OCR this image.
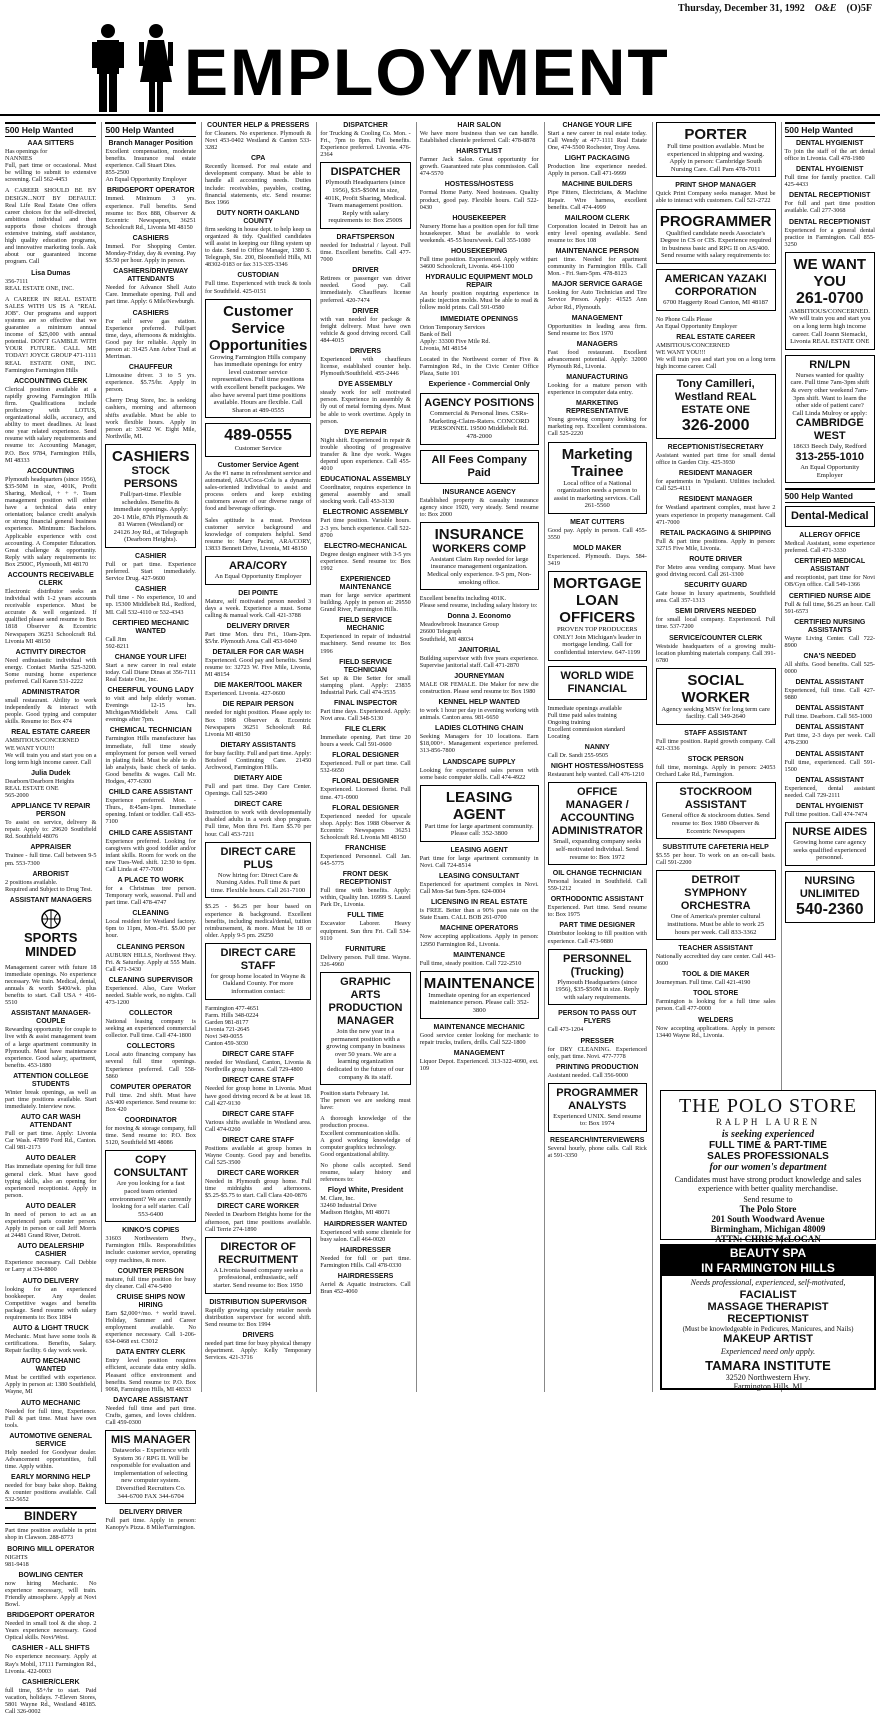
Thursday, December 31, 1992 O&E (O)5F
EMPLOYMENT
500 Help Wanted
AAA SITTERS
Has openings for
NANNIES
Full, part time or occasional. Must be willing to submit to extensive screening. Call 562-4453
A CAREER SHOULD BE BY DESIGN...NOT BY DEFAULT. Real Life Real Estate One offers career choices for the self-directed, ambitious individual and then supports those choices through extensive training, staff assistance, high quality education programs, and innovative marketing tools. Ask about our guaranteed income program. Call
Lisa Dumas
356-7111
REAL ESTATE ONE, INC.
A CAREER IN REAL ESTATE SALES WITH US IS A "REAL JOB". Our programs and support systems are so effective that we guarantee a minimum annual income of $25,000 with annual potential. DON'T GAMBLE WITH YOUR FUTURE. CALL ME TODAY! JOYCE GROUP 471-1111 REAL ESTATE ONE, INC. Farmington Farmington Hills
ACCOUNTING CLERK
Clerical position available at a rapidly growing Farmington Hills firm. Qualifications include proficiency with LOTUS, organizational skills, accuracy, and ability to meet deadlines. At least one year related experience. Send resume with salary requirements and resume to: Accounting Manager, P.O. Box 9784, Farmington Hills, MI 48333
ACCOUNTING
Plymouth headquarters (since 1956), $35-50M in size, 401K, Profit Sharing, Medical, + + +. Team management position will either have a technical data entry orientation; balance credit analysis or strong financial general business experience. Minimum: Bachelors. Applicable experience with cost accounting. A Computer Education. Great challenge & opportunity. Reply with salary requirements to: Box 2500C, Plymouth, MI 48170
ACCOUNTS RECEIVABLE CLERK
Electronic distributor seeks an individual with 1-2 years accounts receivable experience. Must be accurate & well organized. If qualified please send resume to Box 1818 Observer & Eccentric Newspapers 36251 Schoolcraft Rd. Livonia MI 48150
ACTIVITY DIRECTOR
Need enthusiastic individual with energy. Contact Martha 525-3200. Some nursing home experience preferred. Call Karen 531-2222
ADMINISTRATOR
small restaurant. Ability to work independently & interact with people. Good typing and computer skills. Resume to: Box 474
REAL ESTATE CAREER
AMBITIOUS/CONCERNED
WE WANT YOU!!!
We will train you and start you on a long term high income career. Call
Julia Dudek
Dearborn/Dearborn Heights
REAL ESTATE ONE
565-2000
APPLIANCE TV REPAIR PERSON
To assist on service, delivery & repair. Apply to: 29620 Southfield Rd. Southfield 48076
APPRAISER
Trainee - full time. Call between 9-5 pm. 553-7300
ARBORIST
2 positions available.
Required and Subject to Drug Test.
ASSISTANT MANAGERS
SPORTS MINDED
Management career with future 18 immediate openings. No experience necessary. We train. Medical, dental, annuals & worth $400/wk. plus benefits to start. Call USA + 416-5510
ASSISTANT MANAGER-COUPLE
Rewarding opportunity for couple to live with & assist management team of a large apartment community in Plymouth. Must have maintenance experience. Good salary, apartment, benefits. 453-1880
ATTENTION COLLEGE STUDENTS
Winter break openings, as well as part time positions available. Start immediately. Interview now.
AUTO CAR WASH ATTENDANT
Full or part time. Apply: Livonia Car Wash. 47899 Ford Rd., Canton. Call 981-2173
AUTO DEALER
Has immediate opening for full time general clerk. Must have good typing skills, also an opening for experienced receptionist. Apply in person.
AUTO DEALER
In need of person to act as an experienced parts counter person. Apply in person or call Jeff Morris at 24481 Grand River, Detroit.
AUTO DEALERSHIP CASHIER
Experience necessary. Call Debbie or Larry at 334-8800
AUTO DELIVERY
looking for an experienced bookkeeper. Any dealer. Competitive wages and benefits package. Send resume with salary requirements to: Box 1884
AUTO & LIGHT TRUCK
Mechanic. Must have some tools & certifications. Benefits, Salary. Repair facility. 6 day work week.
AUTO MECHANIC WANTED
Must be certified with experience. Apply in person at: 1380 Southfield, Wayne, MI
AUTO MECHANIC
Needed for full time, Experience. Full & part time. Must have own tools.
AUTOMOTIVE GENERAL SERVICE
Help needed for Goodyear dealer. Advancement opportunities, full time. Apply within.
EARLY MORNING HELP
needed for busy bake shop. Baking & counter positions available. Call 532-5652
BINDERY
Part time position available in print shop in Clawson. 288-8773
BORING MILL OPERATOR
NIGHTS
981-9418
BOWLING CENTER
now hiring Mechanic. No experience necessary, will train. Friendly atmosphere. Apply at Novi Bowl.
BRIDGEPORT OPERATOR
Needed in small tool & die shop. 2 Years experience necessary. Good Optical skills. Novi/West.
CASHIER - ALL SHIFTS
No experience necessary. Apply at Ray's Mobil, 17111 Farmington Rd., Livonia. 422-0003
CASHIER/CLERK
full time, $5+/hr to start. Paid vacation, holidays. 7-Eleven Stores, 5801 Wayne Rd., Westland 48185. Call 326-0002
500 Help Wanted
Branch Manager Position
Excellent compensation, moderate benefits. Insurance real estate experience. Call Stuart Dies.
855-2500
An Equal Opportunity Employer
BRIDGEPORT OPERATOR
Immed. Minimum 3 yrs. experience. Full benefits. Send resume to: Box 888, Observer & Eccentric Newspapers, 36251 Schoolcraft Rd., Livonia MI 48150
CASHIERS
Immed. For Shopping Center. Monday-Friday, day & evening. Pay $5.50 per hour. Apply in person.
CASHIERS/DRIVEWAY ATTENDANTS
Needed for Advance Shell Auto Care. Immediate opening. Full and part time. Apply: 6 Mile/Newburgh.
CASHIERS
For self serve gas station. Experience preferred. Full/part time, days, afternoons & midnights. Good pay for reliable. Apply in person at: 31425 Ann Arbor Trail at Merriman.
CHAUFFEUR
Limousine driver. 3 to 5 yrs. experience. $5.75/hr. Apply in person.
Cherry Drug Store, Inc. is seeking cashiers, morning and afternoon shifts available. Must be able to work flexible hours. Apply in person at: 33402 W. Eight Mile, Northville, MI.
CASHIERS
STOCK PERSONS
Full/part-time. Flexible schedules. Benefits & immediate openings. Apply: 20-1 Mile, 87th Plymouth & 81 Warren (Westland) or 24126 Joy Rd., at Telegraph (Dearborn Heights).
CASHIER
Full or part time. Experience preferred. Start immediately. Service Drug. 427-9600
CASHIER
Full time - No experience, 10 and up. 15300 Middlebelt Rd., Redford, MI. Call 532-4110 or 532-4343
CERTIFIED MECHANIC WANTED
Call Jim
592-8211
CHANGE YOUR LIFE!
Start a new career in real estate today. Call Diane Dinas at 356-7111 Real Estate One, Inc.
CHEERFUL YOUNG LADY
to visit and help elderly woman. Evenings 12-15 hrs. Michigan/Middlebelt Area. Call evenings after 7pm.
CHEMICAL TECHNICIAN
Farmington Hills manufacturer has immediate, full time steady employment for person well versed in plating field. Must be able to do lab analysis, basic check of tanks. Good benefits & wages. Call Mr. Hodges, 477-6300
CHILD CARE ASSISTANT
Experience preferred. Mon. - Thurs., 8:45am-1pm. Immediate opening. Infant or toddler. Call 453-7100
CHILD CARE ASSISTANT
Experience preferred. Looking for caregivers with good toddler and/or infant skills. Room for work on the new Tues-Wed. shift. 12:30 to 6pm. Call Linda at 477-7000
A PLACE TO WORK
for a Christmas tree person. Temporary work, seasonal. Full and part time. Call 478-4747
CLEANING
Local resident for Westland factory. 6pm to 11pm, Mon.-Fri. $5.00 per hour.
CLEANING PERSON
AUBURN HILLS, Northwest Hwy. Fri. & Saturday. Apply at 555 Main. Call 471-3430
CLEANING SUPERVISOR
Experienced. Also, Care Worker needed. Stable work, no nights. Call 473-1200
COLLECTOR
National leasing company is seeking an experienced commercial collector. Full time. Call 474-1800
COLLECTORS
Local auto financing company has several full time openings. Experience preferred. Call 558-5860
COMPUTER OPERATOR
Full time. 2nd shift. Must have AS/400 experience. Send resume to: Box 420
COORDINATOR
for moving & storage company, full time. Send resume to: P.O. Box 5120, Southfield MI 48086
COPY CONSULTANT
Are you looking for a fast paced team oriented environment? We are currently looking for a self starter. Call 553-6400
KINKO'S COPIES
31603 Northwestern Hwy., Farmington Hills. Responsibilities include: customer service, operating copy machines, & more.
COUNTER PERSON
mature, full time position for busy dry cleaner. Call 474-5490
CRUISE SHIPS NOW HIRING
Earn $2,000+/mo. + world travel. Holiday, Summer and Career employment available. No experience necessary. Call 1-206-634-0468 ext. C3012
DATA ENTRY CLERK
Entry level position requires efficient, accurate data entry skills. Pleasant office environment and benefits. Send resume to: P.O. Box 9068, Farmington Hills, MI 48333
DAYCARE ASSISTANT
Needed full time and part time. Crafts, games, and loves children. Call 459-0300
MIS MANAGER
Dataworks - Experience with System 36 / RPG II. Will be responsible for evaluation and implementation of selecting new computer system. Diversified Recruiters Co. 344-6700 FAX 344-6704
DELIVERY DRIVER
Full part time. Apply in person: Kanopy's Pizza. 8 Mile/Farmington.
COUNTER HELP & PRESSERS
for Cleaners. No experience. Plymouth & Novi 453-0402 Westland & Canton 533-3282
CPA
Recently licensed. For real estate and development company. Must be able to handle all accounting needs. Duties include: receivables, payables, costing, financial statements, etc. Send resume: Box 1966
DUTY NORTH OAKLAND COUNTY
firm seeking in house dept. to help keep us organized & tidy. Qualified candidates will assist in keeping our filing system up to date. Send to Office Manager, 1380 S. Telegraph, Ste. 200, Bloomfield Hills, MI 48302-0183 or fax 313-335-3346
CUSTODIAN
Full time. Experienced with truck & tools for Southfield. 425-0151
Customer Service Opportunities
Growing Farmington Hills company has immediate openings for entry level customer service representatives. Full time positions with excellent benefit packages. We also have several part time positions available. Hours are flexible. Call Sharon at 489-0555
489-0555
Customer Service
Customer Service Agent
As the #1 name in refreshment service and automated, ARA/Coca-Cola is a dynamic sales-oriented individual to assist and process orders and keep existing customers aware of our diverse range of food and beverage offerings.
Sales aptitude is a must. Previous customer service background and knowledge of computers helpful. Send resume to: Mary Pacini, ARA/CORY, 13833 Bennett Drive, Livonia, MI 48150
ARA/CORY
An Equal Opportunity Employer
DEI POINTE
Mature, self motivated person needed 3 days a week. Experience a must. Some calling & manual work. Call 421-3788
DELIVERY DRIVER
Part time Mon. thru Fri., 10am-2pm. $5/hr. Plymouth Area. Call 453-6040
DETAILER FOR CAR WASH
Experienced. Good pay and benefits. Send resume to: 32723 W. Five Mile, Livonia, MI 48154
DIE MAKER/TOOL MAKER
Experienced. Livonia. 427-0600
DIE REPAIR PERSON
needed for night position. Please apply to: Box 1968 Observer & Eccentric Newspapers 36251 Schoolcraft Rd. Livonia MI 48150
DIETARY ASSISTANTS
for busy facility. Full and part time. Apply: Botsford Continuing Care. 21450 Archwood, Farmington Hills.
DIETARY AIDE
Full and part time. Day Care Center. Openings. Call 525-2490
DIRECT CARE
Instruction to work with developmentally disabled adults in a work shop program. Full time, Mon thru Fri. Earn $5.70 per hour. Call 453-7211
DIRECT CARE PLUS
Now hiring for: Direct Care & Nursing Aides. Full time & part time. Flexible hours. Call 261-7100
$5.25 - $6.25 per hour based on experience & background. Excellent benefits, including medical/dental, tuition reimbursement, & more. Must be 18 or older. Apply 9-5 pm. 29250
DIRECT CARE STAFF
for group home located in Wayne & Oakland County. For more information contact:
Farmington 477-4651
Farm. Hills 348-0224
Garden 981-8177
Livonia 721-2645
Novi 349-0055
Canton 459-3030
DIRECT CARE STAFF
needed for Westland, Canton, Livonia & Northville group homes. Call 729-4800
DIRECT CARE STAFF
Needed for group home in Livonia. Must have good driving record & be at least 18. Call 427-9130
DIRECT CARE STAFF
Various shifts available in Westland area. Call 474-0260
DIRECT CARE STAFF
Positions available at group homes in Wayne County. Good pay and benefits. Call 525-3500
DIRECT CARE WORKER
Needed in Plymouth group home. Full time midnights and afternoons. $5.25-$5.75 to start. Call Clara 420-0876
DIRECT CARE WORKER
Needed in Dearborn Heights home for the afternoon, part time positions available. Call Terrie 274-1890
DIRECTOR OF RECRUITMENT
A Livonia based company seeks a professional, enthusiastic, self starter. Send resume to: Box 1950
DISTRIBUTION SUPERVISOR
Rapidly growing specialty retailer needs distribution supervisor for second shift. Send resume to: Box 1994
DRIVERS
needed part time for busy physical therapy department. Apply: Kelly Temporary Services. 421-3716
DISPATCHER
for Trucking & Cooling Co. Mon. - Fri., 7pm to 8pm. Full benefits. Experience preferred. Livonia. 476-2364
DISPATCHER
Plymouth Headquarters (since 1956), $35-$50M in size, 401K, Profit Sharing, Medical. Team management position. Reply with salary requirements to: Box 2500S
DRAFTSPERSON
needed for Industrial / layout. Full time. Excellent benefits. Call 477-7000
DRIVER
Retirees or passenger van driver needed. Good pay. Call immediately. Chauffeurs license preferred. 420-7474
DRIVER
with van needed for package & freight delivery. Must have own vehicle & good driving record. Call 484-4015
DRIVERS
Experienced with chauffeurs license, established counter help. Plymouth/Southfield. 455-2446
DYE ASSEMBLY
steady work for self motivated person. Experience in assembly & fly out of metal forming dyes. Must be able to work overtime. Apply in person.
DYE REPAIR
Night shift. Experienced in repair & trouble shooting of progressive transfer & line dye work. Wages depend upon experience. Call 455-4010
EDUCATIONAL ASSEMBLY
Coordinator, requires experience in general assembly and small stocking work. Call 453-3130
ELECTRONIC ASSEMBLY
Part time position. Variable hours. 2-3 yrs. bench experience. Call 522-8700
ELECTRO-MECHANICAL
Degree design engineer with 3-5 yrs experience. Send resume to: Box 1992
EXPERIENCED MAINTENANCE
man for large service apartment building. Apply in person at: 29550 Grand River, Farmington Hills.
FIELD SERVICE MECHANIC
Experienced in repair of industrial machinery. Send resume to: Box 1996
FIELD SERVICE TECHNICIAN
Set up & Die Setter for small stamping plant. Apply: 23835 Industrial Park. Call 474-3535
FINAL INSPECTOR
Part time days. Experienced. Apply: Novi area. Call 348-5130
FILE CLERK
Immediate opening. Part time 20 hours a week. Call 591-0600
FLORAL DESIGNER
Experienced. Full or part time. Call 532-6650
FLORAL DESIGNER
Experienced. Licensed florist. Full time. 471-0900
FLORAL DESIGNER
Experienced needed for upscale shop. Apply: Box 1988 Observer & Eccentric Newspapers 36251 Schoolcraft Rd. Livonia MI 48150
FRANCHISE
Experienced Personnel. Call Jan. 645-5775
FRONT DESK RECEPTIONIST
Full time with benefits. Apply: within, Quality Inn. 16999 S. Laurel Park Dr., Livonia.
FULL TIME
Excavator Laborer. Heavy equipment. Sun thru Fri. Call 534-9110
FURNITURE
Delivery person. Full time. Wayne. 326-4960
GRAPHIC ARTS PRODUCTION MANAGER
Join the new year in a permanent position with a growing company in business over 50 years. We are a learning organization dedicated to the future of our company & its staff.
Position starts February 1st.
The person we are seeking must have:
A thorough knowledge of the production process.
Excellent communication skills.
A good working knowledge of computer graphics technology.
Good organizational ability.
No phone calls accepted. Send resume, salary history and references to:
Floyd White, President
M. Clare, Inc.
32460 Industrial Drive
Madison Heights, MI 48071
HAIRDRESSER WANTED
Experienced with some clientele for busy salon. Call 464-0020
HAIRDRESSER
Needed for full or part time. Farmington Hills. Call 478-0330
HAIRDRESSERS
Aeriel & Aquatic instructors. Call Bran 452-4060
HAIR SALON
We have more business than we can handle. Established clientele preferred. Call: 478-8878
HAIRSTYLIST
Farmer Jack Salon. Great opportunity for growth. Guaranteed rate plus commission. Call 474-5570
HOSTESS/HOSTESS
Formal Home Party. Need hostesses. Quality product, good pay. Flexible hours. Call 522-0430
HOUSEKEEPER
Nursery Home has a position open for full time housekeeper. Must be available to work weekends. 45-55 hours/week. Call 355-1080
HOUSEKEEPING
Full time position. Experienced. Apply within: 34600 Schoolcraft, Livonia. 464-1100
HYDRAULIC EQUIPMENT MOLD REPAIR
An hourly position requiring experience in plastic injection molds. Must be able to read & follow mold prints. Call 591-0580
IMMEDIATE OPENINGS
Orion Temporary Services
Bank of Bell
Apply: 33300 Five Mile Rd.
Livonia, MI 48154
Located in the Northwest corner of Five & Farmington Rd., in the Civic Center Office Plaza, Suite 101
Experience - Commercial Only
AGENCY POSITIONS
Commercial & Personal lines. CSRs-Marketing-Claim-Raters. CONCORD PERSONNEL 19500 Middlebelt Rd. 478-2000
All Fees Company Paid
INSURANCE AGENCY
Established property & casualty insurance agency since 1920, very steady. Send resume to: Box 2000
INSURANCE
WORKERS COMP
Assistant Claim Rep needed for large insurance management organization. Medical only experience. 9-5 pm, Non-smoking office.
Excellent benefits including 401K.
Please send resume, including salary history to:
Donna J. Economo
Meadowbrook Insurance Group
26600 Telegraph
Southfield, MI 48034
JANITORIAL
Building supervisor with five years experience. Supervise janitorial staff. Call 471-2870
JOURNEYMAN
MALE OR FEMALE. Die Maker for new die construction. Please send resume to: Box 1980
KENNEL HELP WANTED
to work 1 hour per day in evening working with animals. Canton area. 981-6650
LADIES CLOTHING CHAIN
Seeking Managers for 10 locations. Earn $18,000+. Management experience preferred. 313-856-7800
LANDSCAPE SUPPLY
Looking for experienced sales person with some basic computer skills. Call 474-4922
LEASING AGENT
Part time for large apartment community. Please call: 352-3800
LEASING AGENT
Part time for large apartment community in Novi. Call 724-8514
LEASING CONSULTANT
Experienced for apartment complex in Novi. Call Mon-Sat 9am-5pm. 624-0004
LICENSING IN REAL ESTATE
is FREE. Better than a 90% pass rate on the State Exam. CALL BOB 261-0700
MACHINE OPERATORS
Now accepting applications. Apply in person: 12950 Farmington Rd., Livonia.
MAINTENANCE
Full time, steady position. Call 722-2510
MAINTENANCE
Immediate opening for an experienced maintenance person. Please call: 352-3800
MAINTENANCE MECHANIC
Good service center looking for mechanic to repair trucks, trailers, drills. Call 522-1800
MANAGEMENT
Liquor Depot. Experienced. 313-322-4090, ext. 109
CHANGE YOUR LIFE
Start a new career in real estate today. Call Wendy at 477-1111 Real Estate One, 474-5500 Rochester, Troy Area.
LIGHT PACKAGING
Production line experience needed. Apply in person. Call 471-9999
MACHINE BUILDERS
Pipe Fitters, Electricians, & Machine Repair. Wire harness, excellent benefits. Call 474-4999
MAILROOM CLERK
Corporation located in Detroit has an entry level opening available. Send resume to: Box 108
MAINTENANCE PERSON
part time. Needed for apartment community in Farmington Hills. Call Mon. - Fri. 9am-5pm. 478-8123
MAJOR SERVICE GARAGE
Looking for Auto Technician and Tire Service Person. Apply: 41525 Ann Arbor Rd., Plymouth.
MANAGEMENT
Opportunities in leading area firm. Send resume to: Box 1970
MANAGERS
Fast food restaurant. Excellent advancement potential. Apply: 32000 Plymouth Rd., Livonia.
MANUFACTURING
Looking for a mature person with experience in computer data entry.
MARKETING REPRESENTATIVE
Young growing company looking for marketing rep. Excellent commissions. Call 525-2220
Marketing Trainee
Local office of a National organization needs a person to assist in marketing services. Call 261-5560
MEAT CUTTERS
Good pay. Apply in person. Call 455-3550
MOLD MAKER
Experienced. Plymouth. Days. 584-3419
MORTGAGE LOAN OFFICERS
PROVEN TOP PRODUCERS ONLY! Join Michigan's leader in mortgage lending. Call for confidential interview. 647-1199
WORLD WIDE FINANCIAL
Immediate openings available
Full time paid sales training
Ongoing training
Excellent commission standard
Locating
NANNY
Call Dr. Sandi 255-9505
NIGHT HOSTESS/HOSTESS
Restaurant help wanted. Call 476-1210
OFFICE MANAGER / ACCOUNTING ADMINISTRATOR
Small, expanding company seeks self-motivated individual. Send resume to: Box 1972
OIL CHANGE TECHNICIAN
Personal located in Southfield. Call 559-1212
ORTHODONTIC ASSISTANT
Experienced. Part time. Send resume to: Box 1975
PART TIME DESIGNER
Distributor looking to fill position with experience. Call 473-9880
PERSONNEL (Trucking)
Plymouth Headquarters (since 1956), $35-$50M in size. Reply with salary requirements.
PERSON TO PASS OUT FLYERS
Call 473-1204
PRESSER
for DRY CLEANING. Experienced only, part time. Novi. 477-7778
PRINTING PRODUCTION
Assistant needed. Call 356-9000
PROGRAMMER ANALYSTS
Experienced UNIX. Send resume to: Box 1974
RESEARCH/INTERVIEWERS
Several hourly, phone calls. Call Rick at 591-3350
PORTER
Full time position available. Must be experienced in shipping and waxing. Apply in person: Cambridge South Nursing Care. Call Pam 478-7011
PRINT SHOP MANAGER
Quick Print Company seeks manager. Must be able to interact with customers. Call 521-2722
PROGRAMMER
Qualified candidate needs Associate's Degree in CS or CIS. Experience required in business basic and RPG II on AS/400. Send resume with salary requirements to:
AMERICAN YAZAKI CORPORATION
6700 Haggerty Road Canton, MI 48187
No Phone Calls Please
An Equal Opportunity Employer
REAL ESTATE CAREER
AMBITIOUS/CONCERNED
WE WANT YOU!!!
We will train you and start you on a long term high income career. Call
Tony Camilleri, Westland REAL ESTATE ONE
326-2000
RECEPTIONIST/SECRETARY
Assistant wanted part time for small dental office in Garden City. 425-3930
RESIDENT MANAGER
for apartments in Ypsilanti. Utilities included. Call 525-4111
RESIDENT MANAGER
for Westland apartment complex, must have 2 years experience in property management. Call 471-7000
RETAIL PACKAGING & SHIPPING
Full & part time positions. Apply in person: 32715 Five Mile, Livonia.
ROUTE DRIVER
For Metro area vending company. Must have good driving record. Call 261-3300
SECURITY GUARD
Gate house in luxury apartments, Southfield area. Call 357-1313
SEMI DRIVERS NEEDED
for small local company. Experienced. Full time. 537-7200
SERVICE/COUNTER CLERK
Westside headquarters of a growing multi-location plumbing materials company. Call 391-6780
SOCIAL WORKER
Agency seeking MSW for long term care facility. Call 349-2640
STAFF ASSISTANT
Full time position. Rapid growth company. Call 421-3336
STOCK PERSON
full time, mornings. Apply in person: 24053 Orchard Lake Rd., Farmington.
STOCKROOM ASSISTANT
General office & stockroom duties. Send resume to: Box 1980 Observer & Eccentric Newspapers
SUBSTITUTE CAFETERIA HELP
$5.55 per hour. To work on an on-call basis. Call 591-2200
DETROIT SYMPHONY ORCHESTRA
One of America's premier cultural institutions. Must be able to work 25 hours per week. Call 833-3362
TEACHER ASSISTANT
Nationally accredited day care center. Call 443-0600
TOOL & DIE MAKER
Journeyman. Full time. Call 421-4190
TOOL STORE
Farmington is looking for a full time sales person. Call 477-0000
WELDERS
Now accepting applications. Apply in person: 13440 Wayne Rd., Livonia.
500 Help Wanted
DENTAL HYGIENIST
To join the staff of the art dental office in Livonia. Call 478-1980
DENTAL HYGIENIST
Full time for family practice. Call 425-4433
DENTAL RECEPTIONIST
For full and part time position available. Call 277-3068
DENTAL RECEPTIONIST
Experienced for a general dental practice in Farmington. Call 855-3250
WE WANT YOU
261-0700
AMBITIOUS/CONCERNED. We will train you and start you on a long term high income career. Call Joann Siemacki, Livonia REAL ESTATE ONE
RN/LPN
Nurses wanted for quality care. Full time 7am-3pm shift & every other weekend 7am-3pm shift. Want to learn the other side of patient care?
Call Linda Mulroy or apply:
CAMBRIDGE WEST
18633 Beech Daly, Redford
313-255-1010
An Equal Opportunity Employer
500 Help Wanted
Dental-Medical
ALLERGY OFFICE
Medical Assistant, some experience preferred. Call 471-3330
CERTIFIED MEDICAL ASSISTANT
and receptionist, part time for Novi OB/Gyn office. Call 549-1366
CERTIFIED NURSE AIDE
Full & full time, $6.25 an hour. Call 591-6573
CERTIFIED NURSING ASSISTANTS
Wayne Living Center. Call 722-8900
CNA'S NEEDED
All shifts. Good benefits. Call 525-0000
DENTAL ASSISTANT
Experienced, full time. Call 427-9880
DENTAL ASSISTANT
Full time. Dearborn. Call 565-1000
DENTAL ASSISTANT
Part time, 2-3 days per week. Call 478-2300
DENTAL ASSISTANT
Full time, experienced. Call 591-1500
DENTAL ASSISTANT
Experienced, dental assistant needed. Call 729-2111
DENTAL HYGIENIST
Full time position. Call 474-7474
NURSE AIDES
Growing home care agency seeks qualified experienced personnel.
NURSING UNLIMITED
540-2360
THE POLO STORE
RALPH LAUREN
is seeking experienced
FULL TIME & PART-TIME
SALES PROFESSIONALS
for our women's department
Candidates must have strong product knowledge and sales experience with better quality merchandise.
Send resume to
The Polo Store
201 South Woodward Avenue
Birmingham, Michigan 48009
ATTN: CHRIS McLOGAN
BEAUTY SPA
IN FARMINGTON HILLS
Needs professional, experienced, self-motivated,
FACIALIST
MASSAGE THERAPIST
RECEPTIONIST
(Must be knowledgeable in Pedicures, Manicures, and Nails)
MAKEUP ARTIST
Experienced need only apply.
TAMARA INSTITUTE
32520 Northwestern Hwy.
Farmington Hills, MI
